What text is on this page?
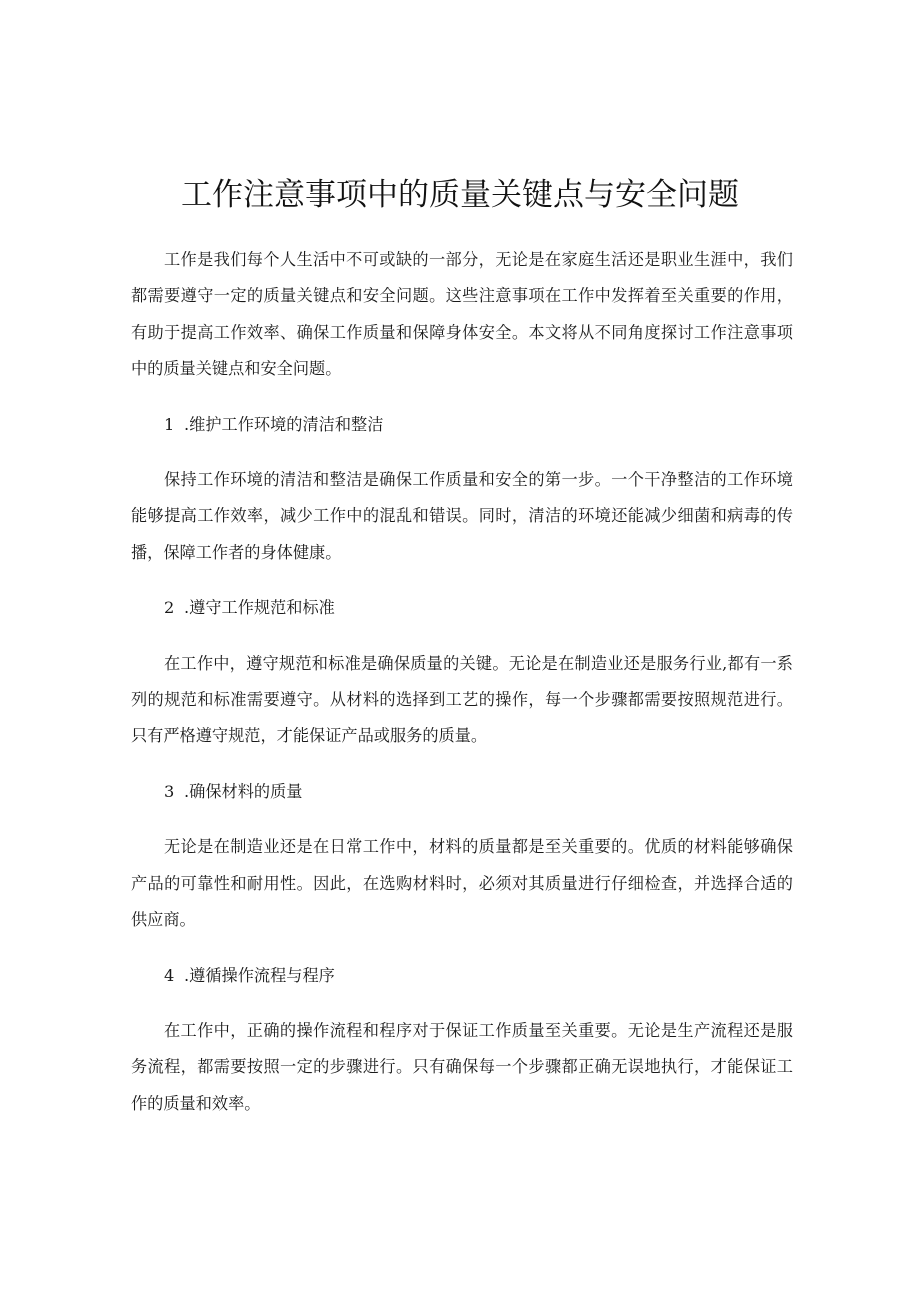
工作注意事项中的质量关键点与安全问题

工作是我们每个人生活中不可或缺的一部分，无论是在家庭生活还是职业生涯中，我们都需要遵守一定的质量关键点和安全问题。这些注意事项在工作中发挥着至关重要的作用，有助于提高工作效率、确保工作质量和保障身体安全。本文将从不同角度探讨工作注意事项中的质量关键点和安全问题。

1 .维护工作环境的清洁和整洁

保持工作环境的清洁和整洁是确保工作质量和安全的第一步。一个干净整洁的工作环境能够提高工作效率，减少工作中的混乱和错误。同时，清洁的环境还能减少细菌和病毒的传播，保障工作者的身体健康。

2 .遵守工作规范和标准

在工作中，遵守规范和标准是确保质量的关键。无论是在制造业还是服务行业,都有一系列的规范和标准需要遵守。从材料的选择到工艺的操作，每一个步骤都需要按照规范进行。只有严格遵守规范，才能保证产品或服务的质量。

3 .确保材料的质量

无论是在制造业还是在日常工作中，材料的质量都是至关重要的。优质的材料能够确保产品的可靠性和耐用性。因此，在选购材料时，必须对其质量进行仔细检查，并选择合适的供应商。

4 .遵循操作流程与程序

在工作中，正确的操作流程和程序对于保证工作质量至关重要。无论是生产流程还是服务流程，都需要按照一定的步骤进行。只有确保每一个步骤都正确无误地执行，才能保证工作的质量和效率。
